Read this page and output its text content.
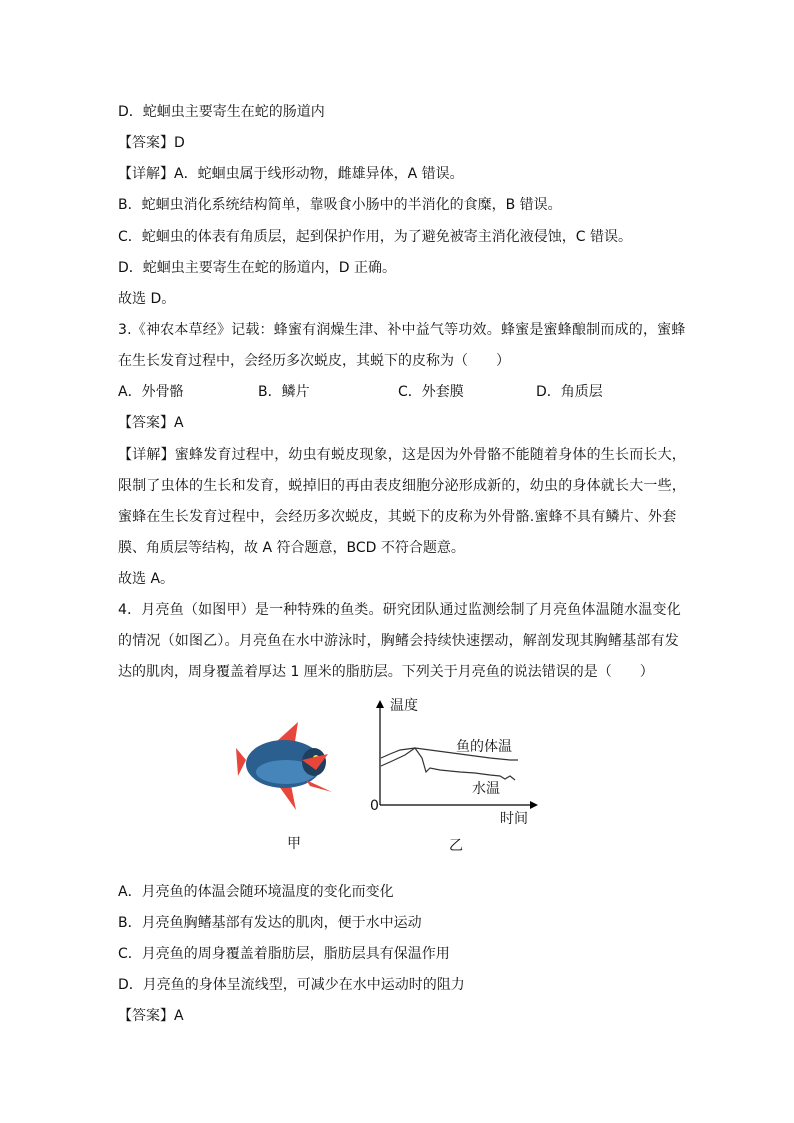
D．蛇蛔虫主要寄生在蛇的肠道内
【答案】D
【详解】A．蛇蛔虫属于线形动物，雌雄异体，A 错误。
B．蛇蛔虫消化系统结构简单，靠吸食小肠中的半消化的食糜，B 错误。
C．蛇蛔虫的体表有角质层，起到保护作用，为了避免被寄主消化液侵蚀，C 错误。
D．蛇蛔虫主要寄生在蛇的肠道内，D 正确。
故选 D。
3.《神农本草经》记载：蜂蜜有润燥生津、补中益气等功效。蜂蜜是蜜蜂酿制而成的，蜜蜂
在生长发育过程中，会经历多次蜕皮，其蜕下的皮称为（　　）
A．外骨骼	B．鳞片	C．外套膜	D．角质层
【答案】A
【详解】蜜蜂发育过程中，幼虫有蜕皮现象，这是因为外骨骼不能随着身体的生长而长大，
限制了虫体的生长和发育，蜕掉旧的再由表皮细胞分泌形成新的，幼虫的身体就长大一些，
蜜蜂在生长发育过程中，会经历多次蜕皮，其蜕下的皮称为外骨骼.蜜蜂不具有鳞片、外套
膜、角质层等结构，故 A 符合题意，BCD 不符合题意。
故选 A。
4．月亮鱼（如图甲）是一种特殊的鱼类。研究团队通过监测绘制了月亮鱼体温随水温变化
的情况（如图乙）。月亮鱼在水中游泳时，胸鳍会持续快速摆动，解剖发现其胸鳍基部有发
达的肌肉，周身覆盖着厚达 1 厘米的脂肪层。下列关于月亮鱼的说法错误的是（　　）
温度
鱼的体温
水温
0
时间
甲	乙
A．月亮鱼的体温会随环境温度的变化而变化
B．月亮鱼胸鳍基部有发达的肌肉，便于水中运动
C．月亮鱼的周身覆盖着脂肪层，脂肪层具有保温作用
D．月亮鱼的身体呈流线型，可减少在水中运动时的阻力
【答案】A
